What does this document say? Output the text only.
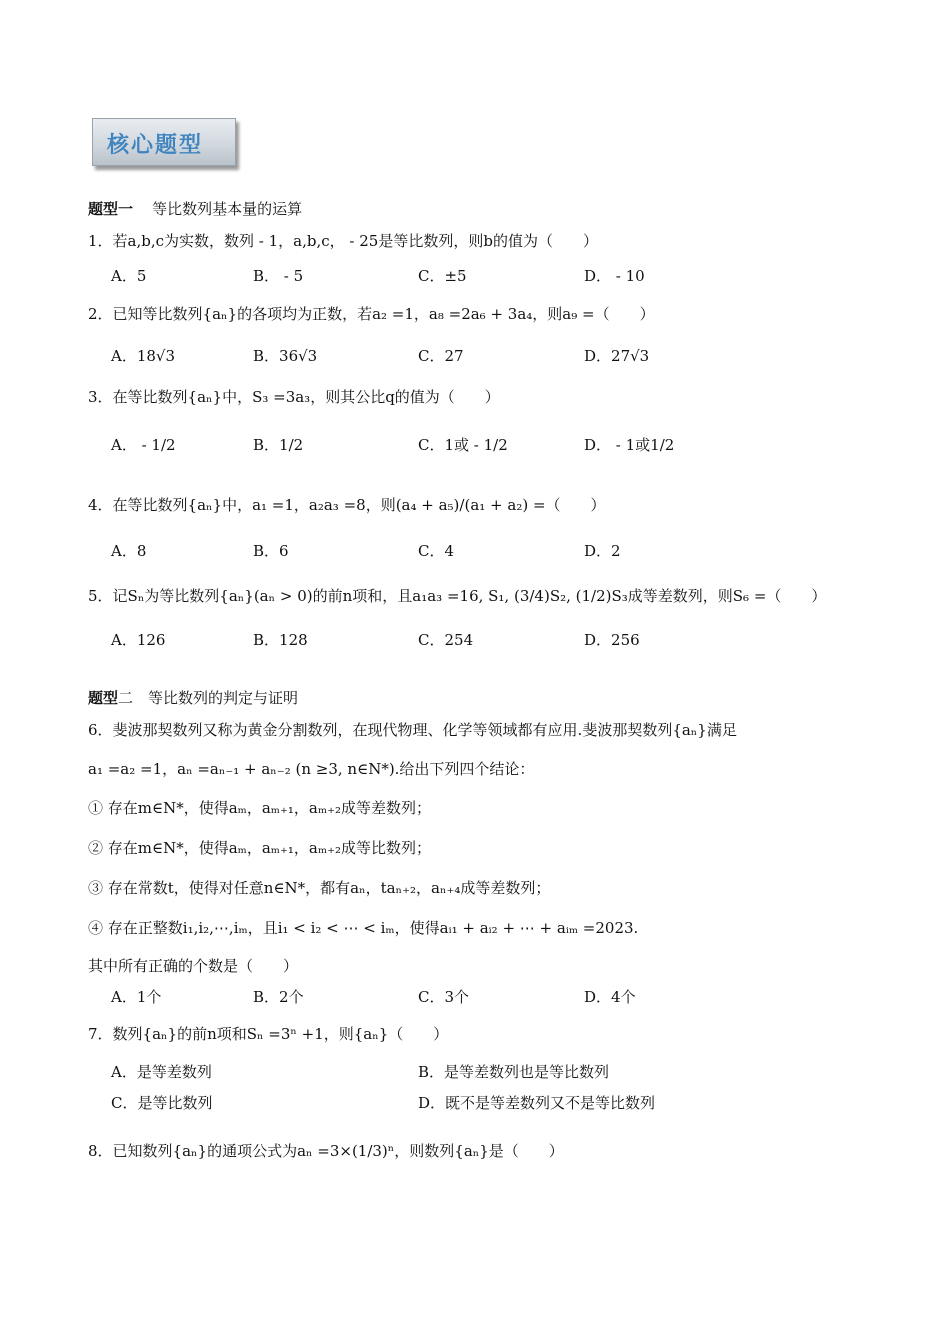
核心题型
题型一 等比数列基本量的运算
1．若a,b,c为实数，数列 - 1，a,b,c， - 25是等比数列，则b的值为（　　）
A．5	B． - 5	C．±5	D． - 10
2．已知等比数列{aₙ}的各项均为正数，若a₂ =1，a₈ =2a₆ + 3a₄，则a₉ =（　　）
A．18√3	B．36√3	C．27	D．27√3
3．在等比数列{aₙ}中，S₃ =3a₃，则其公比q的值为（　　）
A． - 1/2	B．1/2	C．1或 - 1/2	D． - 1或1/2
4．在等比数列{aₙ}中，a₁ =1，a₂a₃ =8，则(a₄ + a₅)/(a₁ + a₂) =（　　）
A．8	B．6	C．4	D．2
5．记Sₙ为等比数列{aₙ}(aₙ > 0)的前n项和，且a₁a₃ =16, S₁, (3/4)S₂, (1/2)S₃成等差数列，则S₆ =（　　）
A．126	B．128	C．254	D．256
题型二　等比数列的判定与证明
6．斐波那契数列又称为黄金分割数列，在现代物理、化学等领域都有应用.斐波那契数列{aₙ}满足
a₁ =a₂ =1，aₙ =aₙ₋₁ + aₙ₋₂ (n ≥3, n∈N*).给出下列四个结论：
① 存在m∈N*，使得aₘ，aₘ₊₁，aₘ₊₂成等差数列；
② 存在m∈N*，使得aₘ，aₘ₊₁，aₘ₊₂成等比数列；
③ 存在常数t，使得对任意n∈N*，都有aₙ，taₙ₊₂，aₙ₊₄成等差数列；
④ 存在正整数i₁,i₂,⋯,iₘ，且i₁ < i₂ < ⋯ < iₘ，使得aᵢ₁ + aᵢ₂ + ⋯ + aᵢₘ =2023.
其中所有正确的个数是（　　）
A．1个	B．2个	C．3个	D．4个
7．数列{aₙ}的前n项和Sₙ =3ⁿ +1，则{aₙ}（　　）
A．是等差数列	B．是等差数列也是等比数列
C．是等比数列	D．既不是等差数列又不是等比数列
8．已知数列{aₙ}的通项公式为aₙ =3×(1/3)ⁿ，则数列{aₙ}是（　　）
